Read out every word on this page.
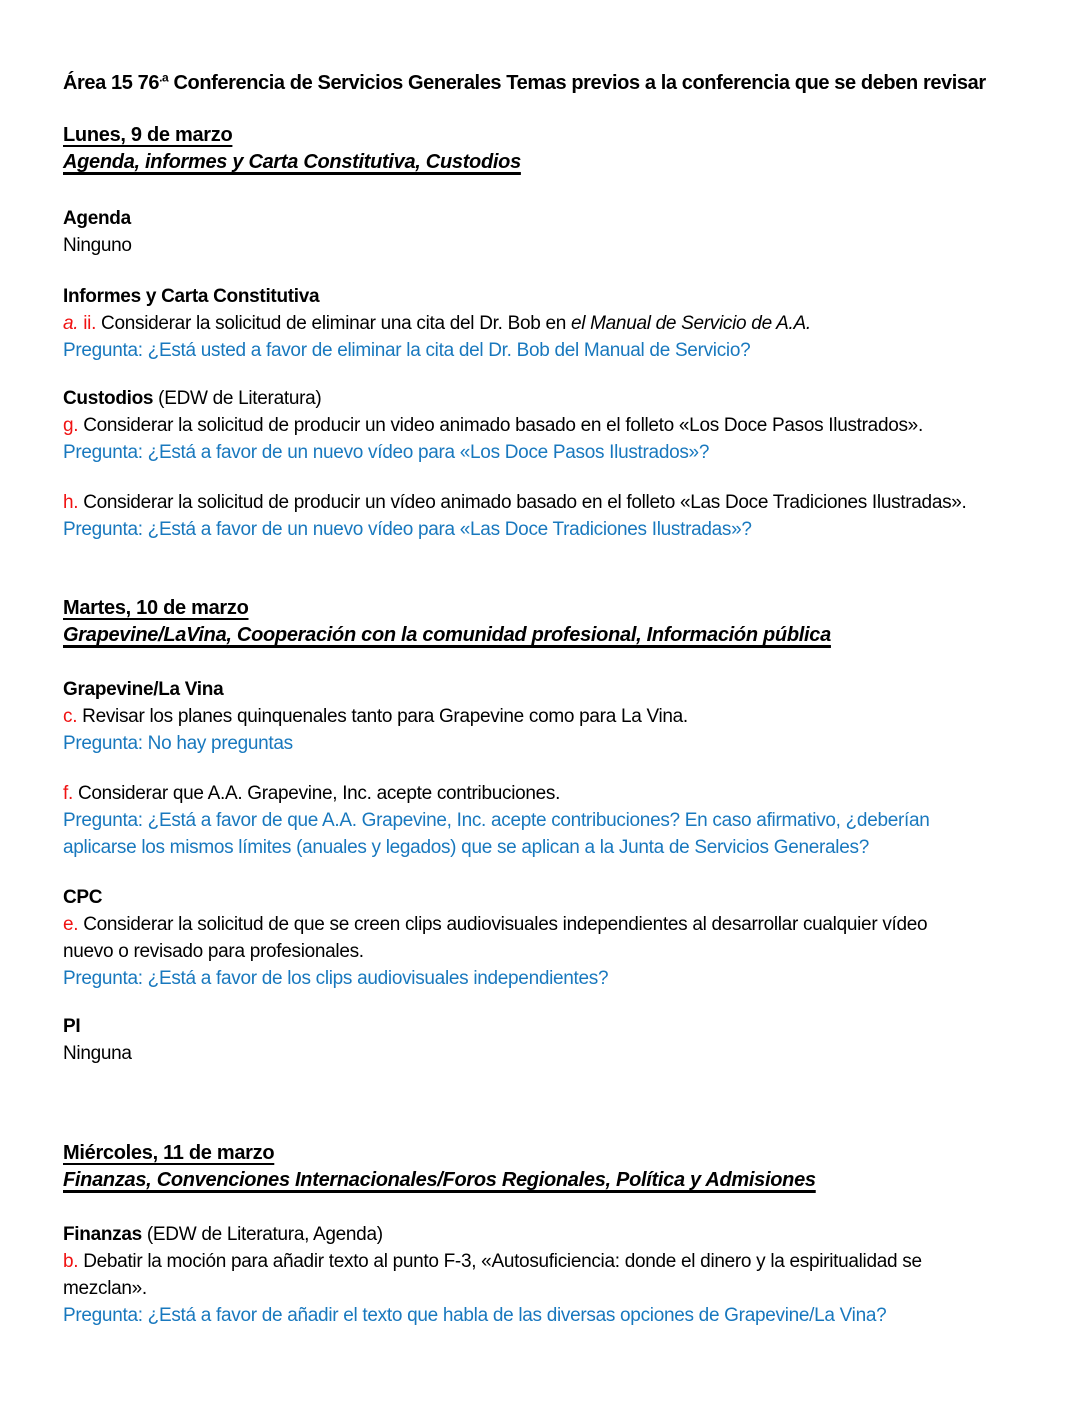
Área 15 $76^{.a}$ Conferencia de Servicios Generales Temas previos a la conferencia que se deben revisar
Lunes, 9 de marzo
Agenda, informes y Carta Constitutiva, Custodios
Agenda
Ninguno
Informes y Carta Constitutiva
a. ii. Considerar la solicitud de eliminar una cita del Dr. Bob en el Manual de Servicio de A.A.
Pregunta: ¿Está usted a favor de eliminar la cita del Dr. Bob del Manual de Servicio?
Custodios (EDW de Literatura)
g. Considerar la solicitud de producir un video animado basado en el folleto «Los Doce Pasos Ilustrados».
Pregunta: ¿Está a favor de un nuevo vídeo para «Los Doce Pasos Ilustrados»?
h. Considerar la solicitud de producir un vídeo animado basado en el folleto «Las Doce Tradiciones Ilustradas».
Pregunta: ¿Está a favor de un nuevo vídeo para «Las Doce Tradiciones Ilustradas»?
Martes, 10 de marzo
Grapevine/LaVina, Cooperación con la comunidad profesional, Información pública
Grapevine/La Vina
c. Revisar los planes quinquenales tanto para Grapevine como para La Vina.
Pregunta: No hay preguntas
f. Considerar que A.A. Grapevine, Inc. acepte contribuciones.
Pregunta: ¿Está a favor de que A.A. Grapevine, Inc. acepte contribuciones? En caso afirmativo, ¿deberían
aplicarse los mismos límites (anuales y legados) que se aplican a la Junta de Servicios Generales?
CPC
e. Considerar la solicitud de que se creen clips audiovisuales independientes al desarrollar cualquier vídeo
nuevo o revisado para profesionales.
Pregunta: ¿Está a favor de los clips audiovisuales independientes?
PI
Ninguna
Miércoles, 11 de marzo
Finanzas, Convenciones Internacionales/Foros Regionales, Política y Admisiones
Finanzas (EDW de Literatura, Agenda)
b. Debatir la moción para añadir texto al punto F-3, «Autosuficiencia: donde el dinero y la espiritualidad se
mezclan».
Pregunta: ¿Está a favor de añadir el texto que habla de las diversas opciones de Grapevine/La Vina?
